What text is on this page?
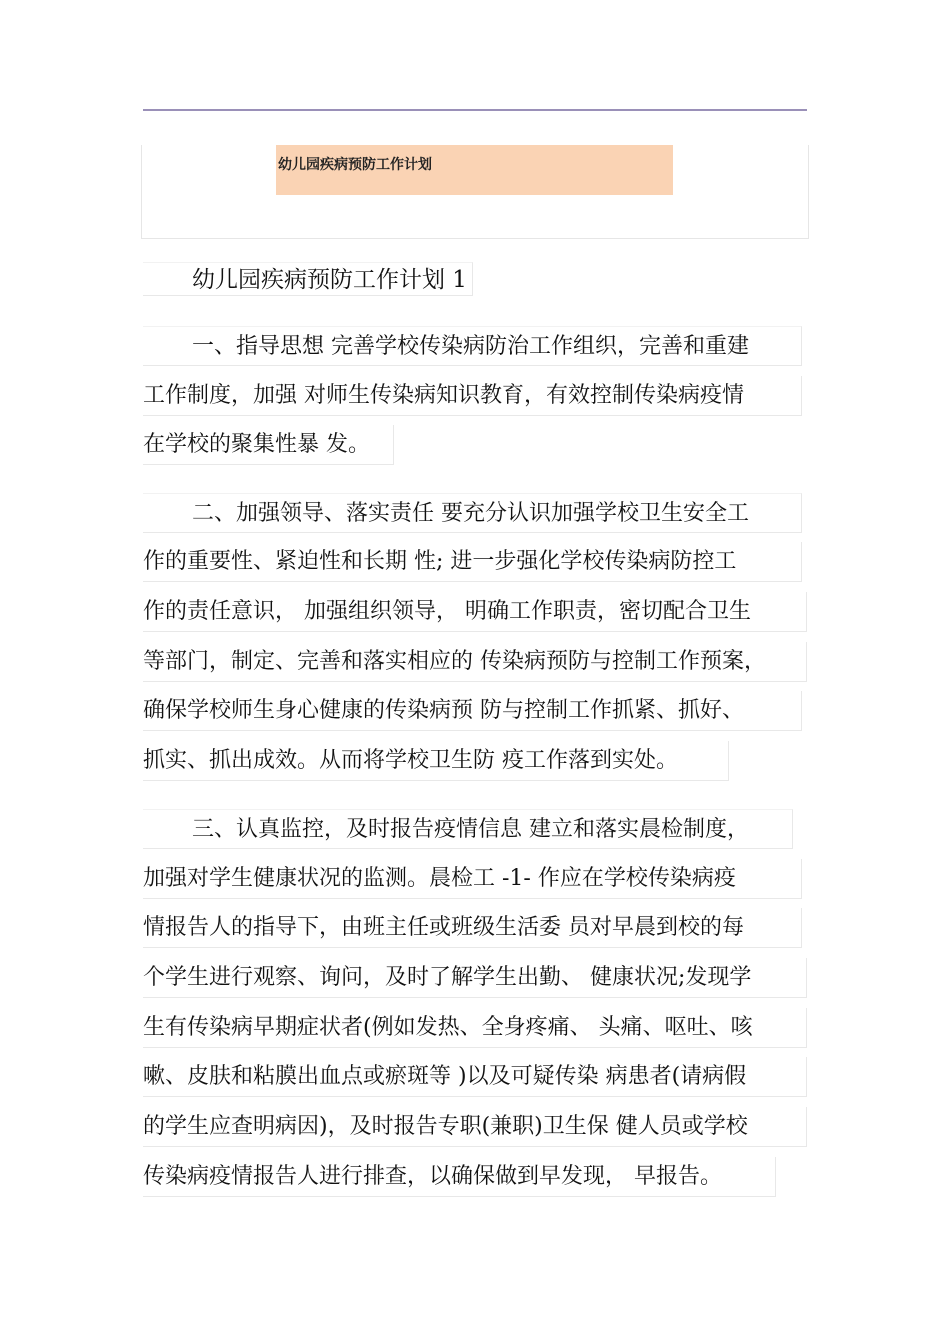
幼儿园疾病预防工作计划
幼儿园疾病预防工作计划 1
一、指导思想 完善学校传染病防治工作组织，完善和重建
工作制度，加强 对师生传染病知识教育，有效控制传染病疫情
在学校的聚集性暴 发。
二、加强领导、落实责任 要充分认识加强学校卫生安全工
作的重要性、紧迫性和长期 性; 进一步强化学校传染病防控工
作的责任意识， 加强组织领导， 明确工作职责，密切配合卫生
等部门，制定、完善和落实相应的 传染病预防与控制工作预案，
确保学校师生身心健康的传染病预 防与控制工作抓紧、抓好、
抓实、抓出成效。从而将学校卫生防 疫工作落到实处。
三、认真监控，及时报告疫情信息 建立和落实晨检制度，
加强对学生健康状况的监测。晨检工 -1- 作应在学校传染病疫
情报告人的指导下，由班主任或班级生活委 员对早晨到校的每
个学生进行观察、询问，及时了解学生出勤、 健康状况;发现学
生有传染病早期症状者(例如发热、全身疼痛、 头痛、呕吐、咳
嗽、皮肤和粘膜出血点或瘀斑等 )以及可疑传染 病患者(请病假
的学生应查明病因)，及时报告专职(兼职)卫生保 健人员或学校
传染病疫情报告人进行排查，以确保做到早发现， 早报告。
